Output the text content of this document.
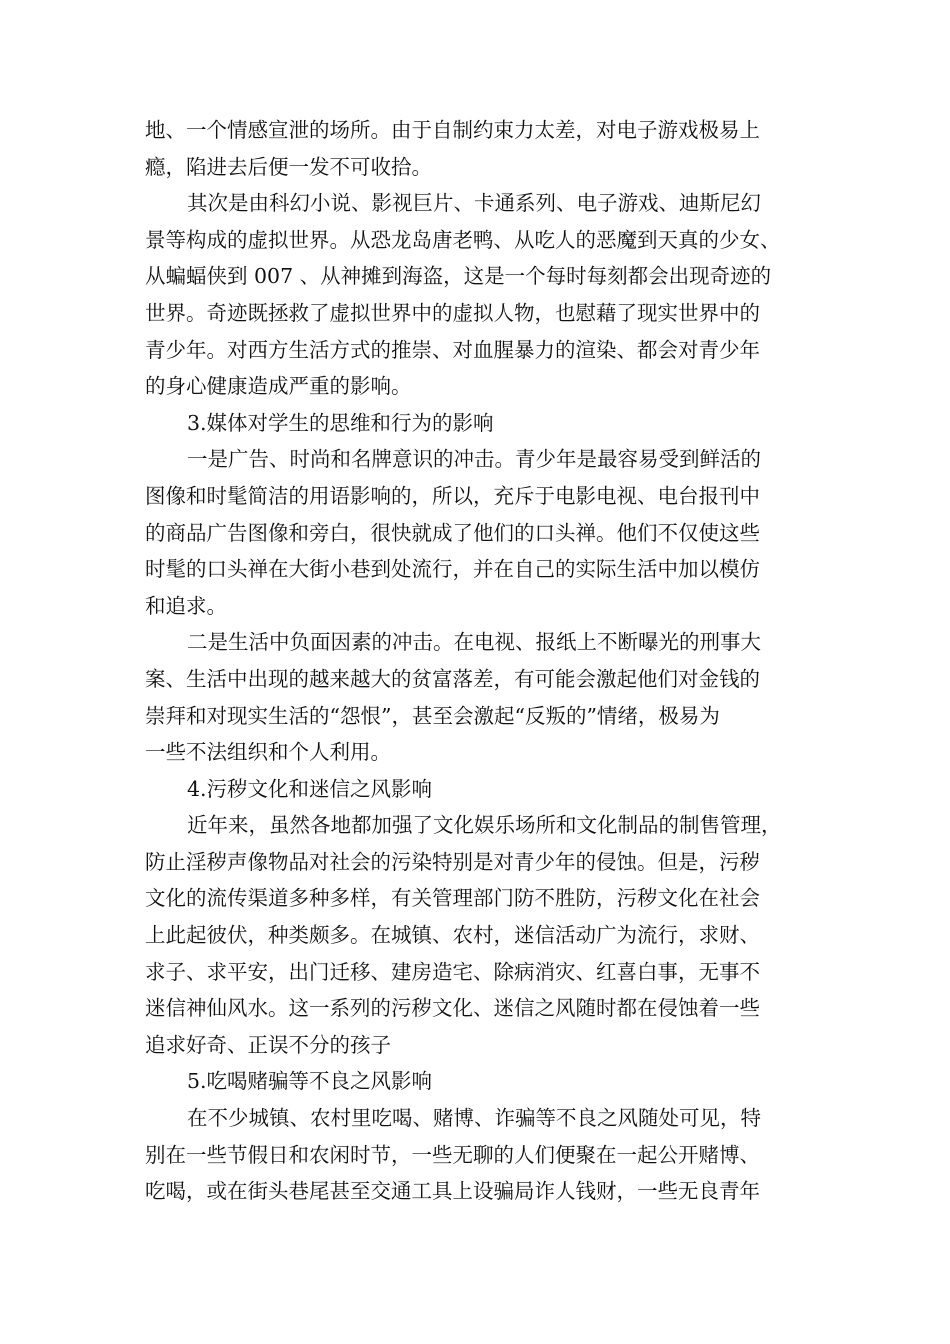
地、一个情感宣泄的场所。由于自制约束力太差，对电子游戏极易上
瘾，陷进去后便一发不可收拾。
其次是由科幻小说、影视巨片、卡通系列、电子游戏、迪斯尼幻
景等构成的虚拟世界。从恐龙岛唐老鸭、从吃人的恶魔到天真的少女、
从蝙蝠侠到 007 、从神摊到海盗，这是一个每时每刻都会出现奇迹的
世界。奇迹既拯救了虚拟世界中的虚拟人物，也慰藉了现实世界中的
青少年。对西方生活方式的推崇、对血腥暴力的渲染、都会对青少年
的身心健康造成严重的影响。
3.媒体对学生的思维和行为的影响
一是广告、时尚和名牌意识的冲击。青少年是最容易受到鲜活的
图像和时髦简洁的用语影响的，所以，充斥于电影电视、电台报刊中
的商品广告图像和旁白，很快就成了他们的口头禅。他们不仅使这些
时髦的口头禅在大街小巷到处流行，并在自己的实际生活中加以模仿
和追求。
二是生活中负面因素的冲击。在电视、报纸上不断曝光的刑事大
案、生活中出现的越来越大的贫富落差，有可能会激起他们对金钱的
崇拜和对现实生活的“怨恨”，甚至会激起“反叛的”情绪，极易为
一些不法组织和个人利用。
4.污秽文化和迷信之风影响
近年来，虽然各地都加强了文化娱乐场所和文化制品的制售管理，
防止淫秽声像物品对社会的污染特别是对青少年的侵蚀。但是，污秽
文化的流传渠道多种多样，有关管理部门防不胜防，污秽文化在社会
上此起彼伏，种类颇多。在城镇、农村，迷信活动广为流行，求财、
求子、求平安，出门迁移、建房造宅、除病消灾、红喜白事，无事不
迷信神仙风水。这一系列的污秽文化、迷信之风随时都在侵蚀着一些
追求好奇、正误不分的孩子
5.吃喝赌骗等不良之风影响
在不少城镇、农村里吃喝、赌博、诈骗等不良之风随处可见，特
别在一些节假日和农闲时节，一些无聊的人们便聚在一起公开赌博、
吃喝，或在街头巷尾甚至交通工具上设骗局诈人钱财，一些无良青年
